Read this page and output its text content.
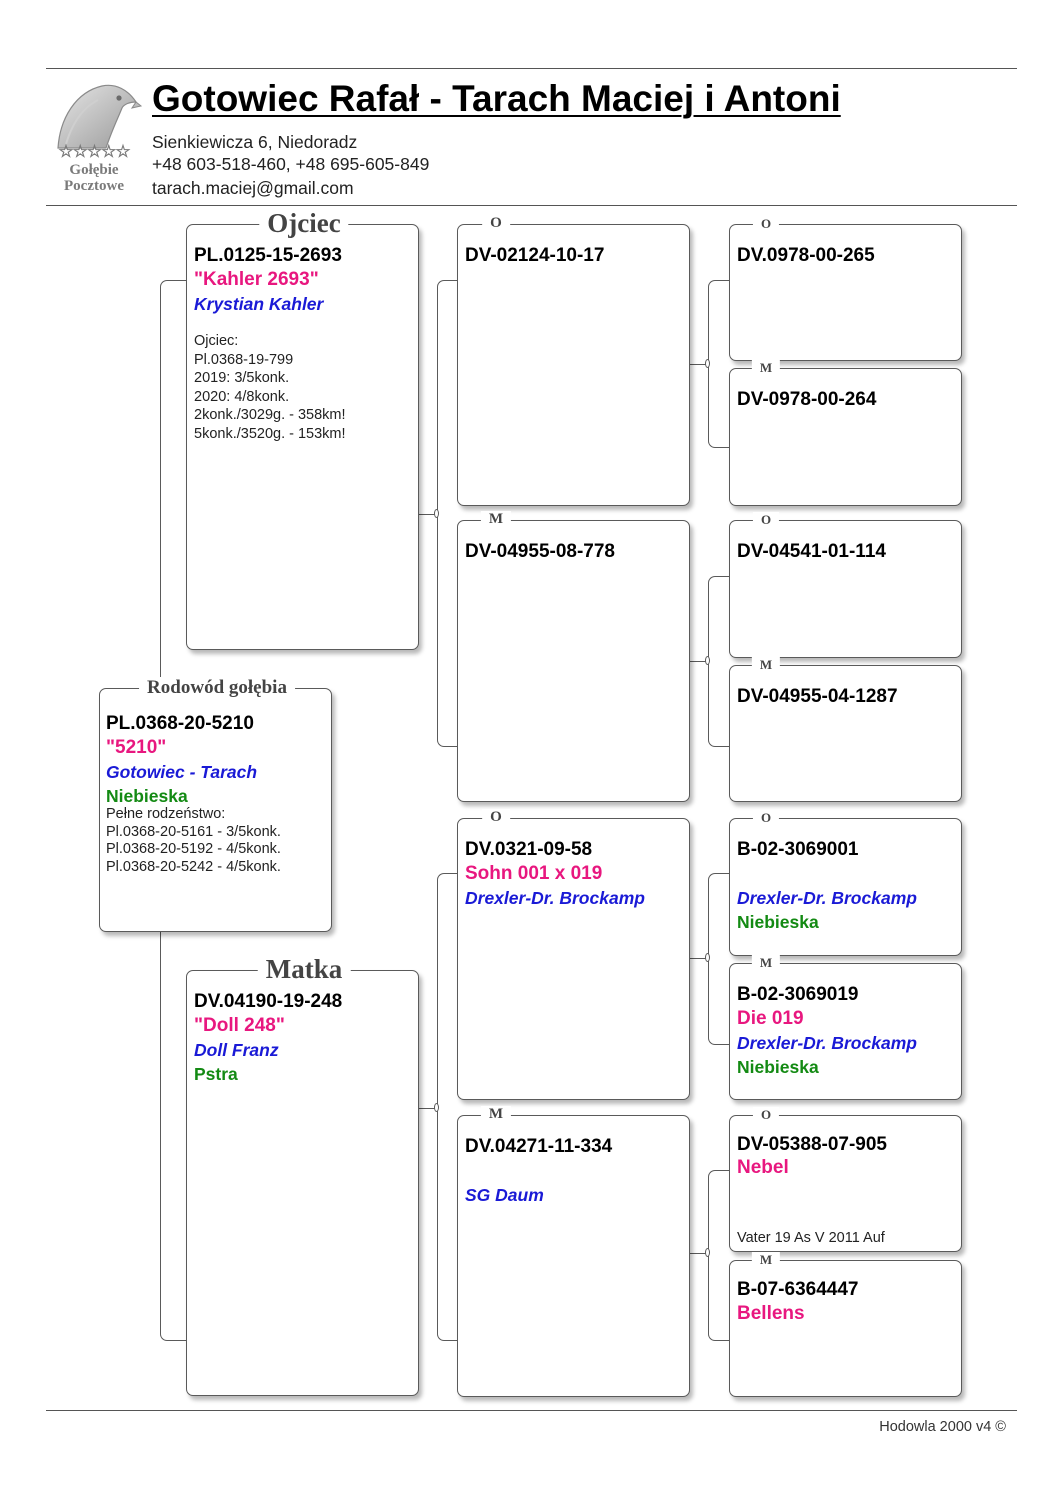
☆☆☆☆☆
Gołębie
Pocztowe
Gotowiec Rafał - Tarach Maciej i Antoni
Sienkiewicza 6, Niedoradz
+48 603-518-460, +48 695-605-849
tarach.maciej@gmail.com
Rodowód gołębia
PL.0368-20-5210
"5210"
Gotowiec - Tarach
Niebieska
Pełne rodzeństwo:
Pl.0368-20-5161 - 3/5konk.
Pl.0368-20-5192 - 4/5konk.
Pl.0368-20-5242 - 4/5konk.
Ojciec
PL.0125-15-2693
"Kahler 2693"
Krystian Kahler
Ojciec:
Pl.0368-19-799
2019: 3/5konk.
2020: 4/8konk.
2konk./3029g. - 358km!
5konk./3520g. - 153km!
Matka
DV.04190-19-248
"Doll 248"
Doll Franz
Pstra
O
DV-02124-10-17
M
DV-04955-08-778
O
DV.0321-09-58
Sohn 001 x 019
Drexler-Dr. Brockamp
M
DV.04271-11-334
SG Daum
O
DV.0978-00-265
M
DV-0978-00-264
O
DV-04541-01-114
M
DV-04955-04-1287
O
B-02-3069001
Drexler-Dr. Brockamp
Niebieska
M
B-02-3069019
Die 019
Drexler-Dr. Brockamp
Niebieska
O
DV-05388-07-905
Nebel
Vater 19 As V 2011 Auf
M
B-07-6364447
Bellens
Hodowla 2000 v4 ©
